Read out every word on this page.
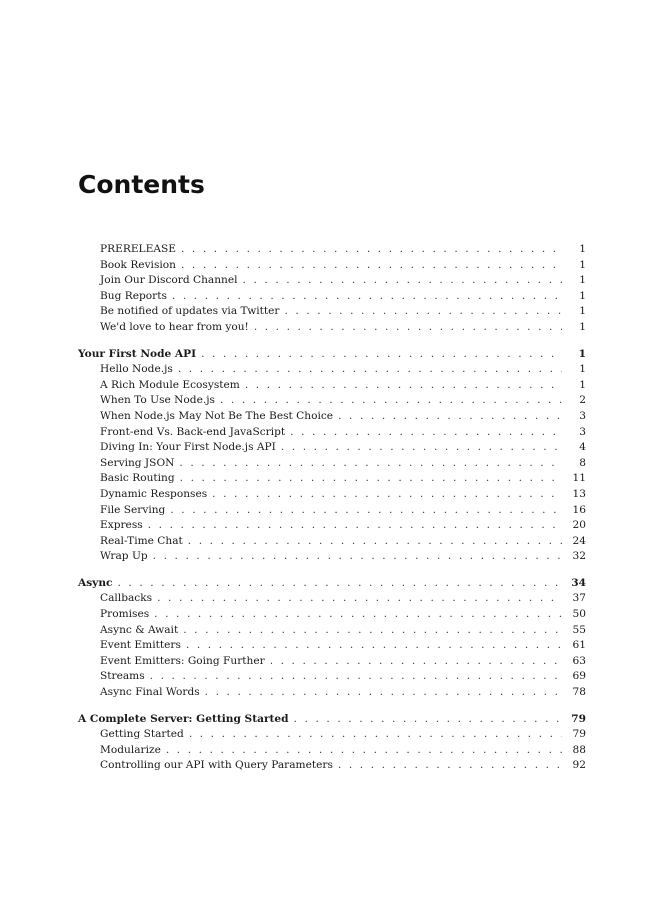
Contents
PRERELEASE . . .	1
Book Revision . . .	1
Join Our Discord Channel . . .	1
Bug Reports . . .	1
Be notified of updates via Twitter . . .	1
We'd love to hear from you! . . .	1
Your First Node API . . .	1
Hello Node.js . . .	1
A Rich Module Ecosystem . . .	1
When To Use Node.js . . .	2
When Node.js May Not Be The Best Choice . . .	3
Front-end Vs. Back-end JavaScript . . .	3
Diving In: Your First Node.js API . . .	4
Serving JSON . . .	8
Basic Routing . . .	11
Dynamic Responses . . .	13
File Serving . . .	16
Express . . .	20
Real-Time Chat . . .	24
Wrap Up . . .	32
Async . . .	34
Callbacks . . .	37
Promises . . .	50
Async & Await . . .	55
Event Emitters . . .	61
Event Emitters: Going Further . . .	63
Streams . . .	69
Async Final Words . . .	78
A Complete Server: Getting Started . . .	79
Getting Started . . .	79
Modularize . . .	88
Controlling our API with Query Parameters . . .	92
